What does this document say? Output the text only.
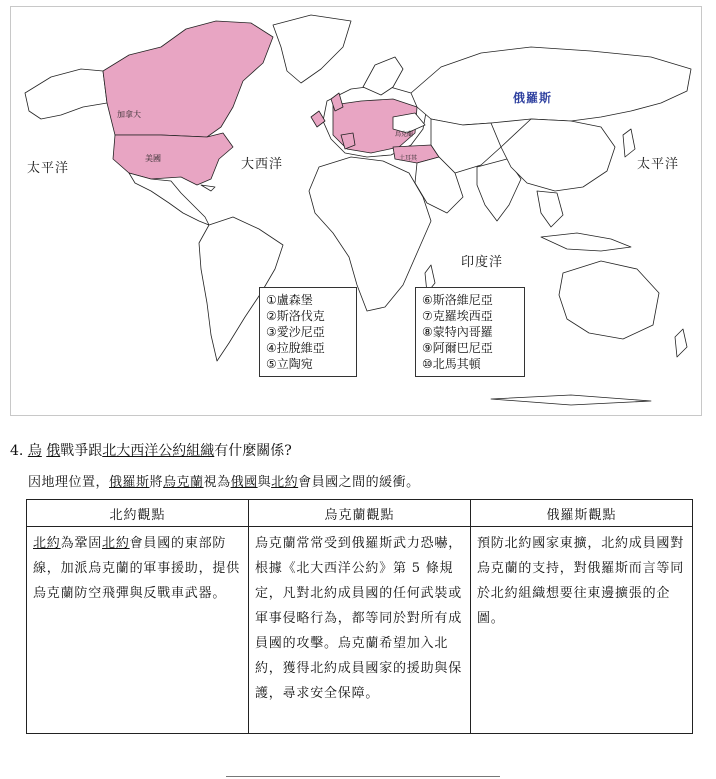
太平洋	大西洋	太平洋
印度洋
加拿大
美國
俄羅斯
烏克蘭
土耳其
①盧森堡
②斯洛伐克
③愛沙尼亞
④拉脫維亞
⑤立陶宛
⑥斯洛維尼亞
⑦克羅埃西亞
⑧蒙特內哥羅
⑨阿爾巴尼亞
⑩北馬其頓
4. 烏 俄戰爭跟北大西洋公約組織有什麼關係?
因地理位置，俄羅斯將烏克蘭視為俄國與北約會員國之間的緩衝。
北約觀點	烏克蘭觀點	俄羅斯觀點
北約為鞏固北約會員國的東部防線，加派烏克蘭的軍事援助，提供烏克蘭防空飛彈與反戰車武器。	烏克蘭常常受到俄羅斯武力恐嚇，根據《北大西洋公約》第 5 條規定，凡對北約成員國的任何武裝或軍事侵略行為，都等同於對所有成員國的攻擊。烏克蘭希望加入北約，獲得北約成員國家的援助與保護，尋求安全保障。	預防北約國家東擴，北約成員國對烏克蘭的支持，對俄羅斯而言等同於北約組織想要往東邊擴張的企圖。
